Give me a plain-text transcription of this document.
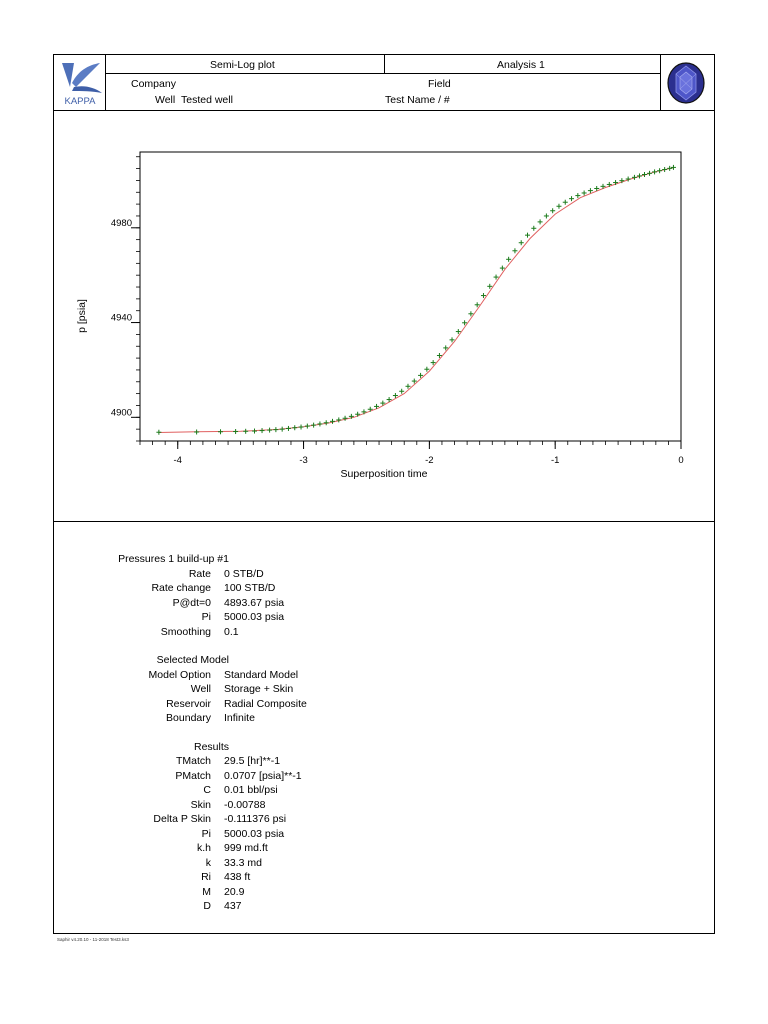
KAPPA
Semi-Log plot	Analysis 1
Company	Field
Well Tested well	Test Name / #
-4	-3	-2	-1	0
4900
4940
4980
Superposition time
p [psia]
Pressures 1 build-up #1
Rate 0 STB/D
Rate change 100 STB/D
P@dt=0 4893.67 psia
Pi 5000.03 psia
Smoothing 0.1
Selected Model
Model Option Standard Model
Well Storage + Skin
Reservoir Radial Composite
Boundary Infinite
Results
TMatch 29.5 [hr]**-1
PMatch 0.0707 [psia]**-1
C 0.01 bbl/psi
Skin -0.00788
Delta P Skin -0.111376 psi
Pi 5000.03 psia
k.h 999 md.ft
k 33.3 md
Ri 438 ft
M 20.9
D 437
Saphir v4.20.10 - 11-2018 Test3.ks3
